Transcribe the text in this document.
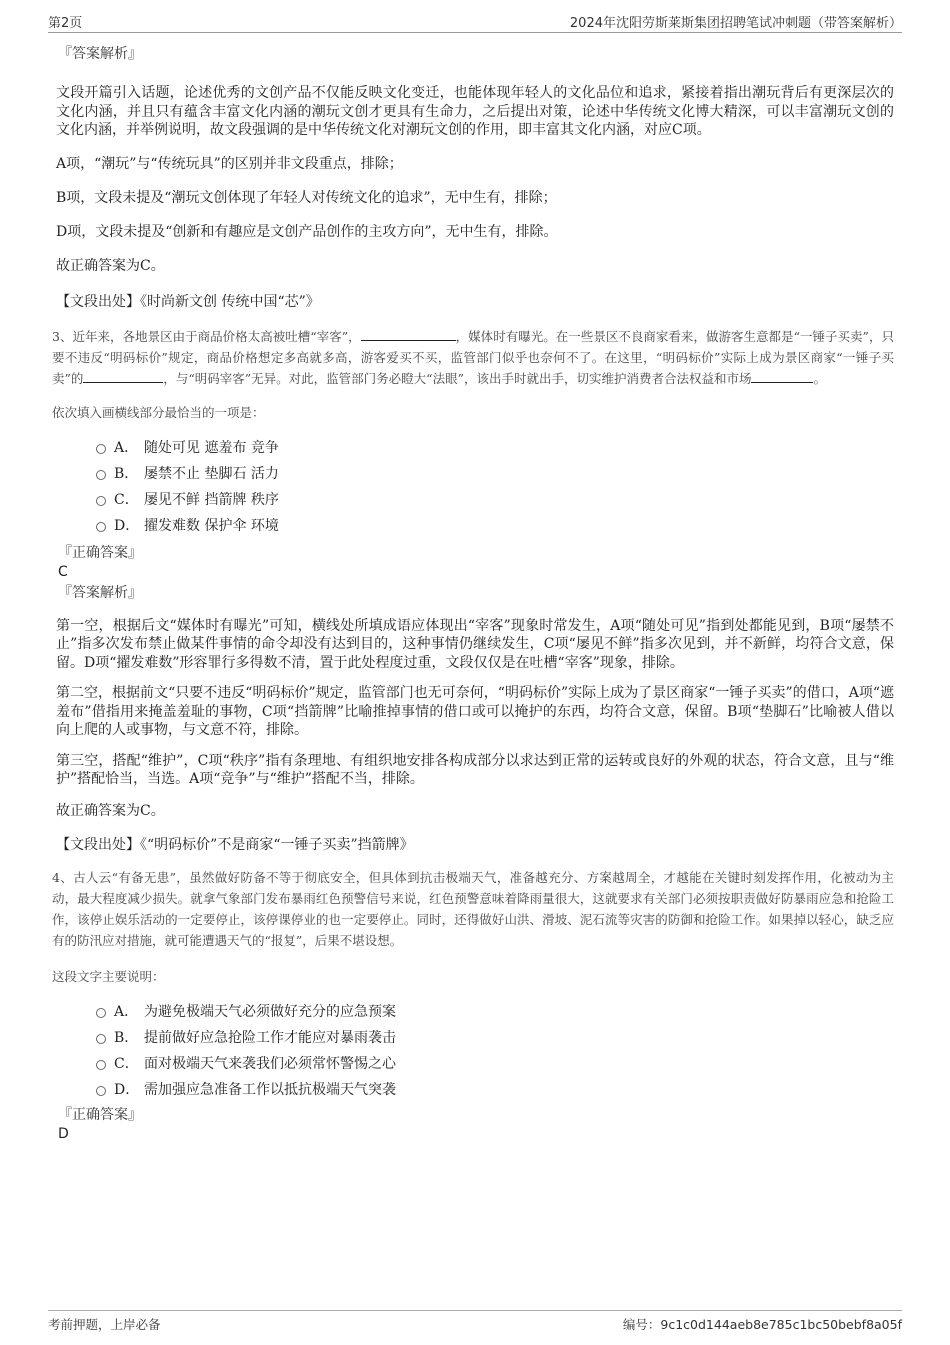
第2页	2024年沈阳劳斯莱斯集团招聘笔试冲刺题（带答案解析）
『答案解析』

文段开篇引入话题，论述优秀的文创产品不仅能反映文化变迁，也能体现年轻人的文化品位和追求，紧接着指出潮玩背后有更深层次的文化内涵，并且只有蕴含丰富文化内涵的潮玩文创才更具有生命力，之后提出对策，论述中华传统文化博大精深，可以丰富潮玩文创的文化内涵，并举例说明，故文段强调的是中华传统文化对潮玩文创的作用，即丰富其文化内涵，对应C项。

A项，“潮玩”与“传统玩具”的区别并非文段重点，排除；
B项，文段未提及“潮玩文创体现了年轻人对传统文化的追求”，无中生有，排除；
D项，文段未提及“创新和有趣应是文创产品创作的主攻方向”，无中生有，排除。
故正确答案为C。
【文段出处】《时尚新文创 传统中国“芯”》

3、近年来，各地景区由于商品价格太高被吐槽“宰客”，	，媒体时有曝光。在一些景区不良商家看来，做游客生意都是“一锤子买卖”，只要不违反“明码标价”规定，商品价格想定多高就多高，游客爱买不买，监管部门似乎也奈何不了。在这里，“明码标价”实际上成为景区商家“一锤子买卖”的	，与“明码宰客”无异。对此，监管部门务必瞪大“法眼”，该出手时就出手，切实维护消费者合法权益和市场	。

依次填入画横线部分最恰当的一项是：
A． 随处可见 遮羞布 竞争
B． 屡禁不止 垫脚石 活力
C． 屡见不鲜 挡箭牌 秩序
D． 擢发难数 保护伞 环境
『正确答案』
C
『答案解析』

第一空，根据后文“媒体时有曝光”可知，横线处所填成语应体现出“宰客”现象时常发生，A项“随处可见”指到处都能见到，B项“屡禁不止”指多次发布禁止做某件事情的命令却没有达到目的，这种事情仍继续发生，C项“屡见不鲜”指多次见到，并不新鲜，均符合文意，保留。D项“擢发难数”形容罪行多得数不清，置于此处程度过重，文段仅仅是在吐槽“宰客”现象，排除。

第二空，根据前文“只要不违反“明码标价”规定，监管部门也无可奈何，“明码标价”实际上成为了景区商家“一锤子买卖”的借口，A项“遮羞布”借指用来掩盖羞耻的事物，C项“挡箭牌”比喻推掉事情的借口或可以掩护的东西，均符合文意，保留。B项“垫脚石”比喻被人借以向上爬的人或事物，与文意不符，排除。

第三空，搭配“维护”，C项“秩序”指有条理地、有组织地安排各构成部分以求达到正常的运转或良好的外观的状态，符合文意，且与“维护”搭配恰当，当选。A项“竞争”与“维护”搭配不当，排除。

故正确答案为C。
【文段出处】《“明码标价”不是商家“一锤子买卖”挡箭牌》

4、古人云“有备无患”，虽然做好防备不等于彻底安全，但具体到抗击极端天气，准备越充分、方案越周全，才越能在关键时刻发挥作用，化被动为主动，最大程度减少损失。就拿气象部门发布暴雨红色预警信号来说，红色预警意味着降雨量很大，这就要求有关部门必须按职责做好防暴雨应急和抢险工作，该停止娱乐活动的一定要停止，该停课停业的也一定要停止。同时，还得做好山洪、滑坡、泥石流等灾害的防御和抢险工作。如果掉以轻心，缺乏应有的防汛应对措施，就可能遭遇天气的“报复”，后果不堪设想。

这段文字主要说明：
A． 为避免极端天气必须做好充分的应急预案
B． 提前做好应急抢险工作才能应对暴雨袭击
C． 面对极端天气来袭我们必须常怀警惕之心
D． 需加强应急准备工作以抵抗极端天气突袭
『正确答案』
D
考前押题，上岸必备	编号：9c1c0d144aeb8e785c1bc50bebf8a05f
